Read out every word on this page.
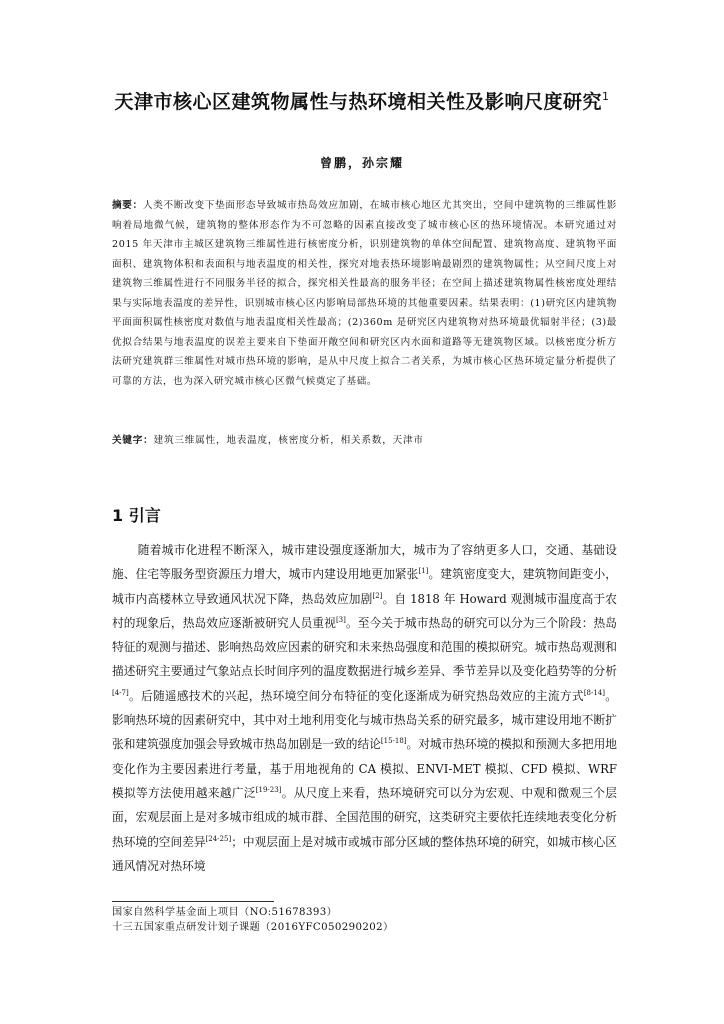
天津市核心区建筑物属性与热环境相关性及影响尺度研究$^1$
曾鹏，孙宗耀
摘要：人类不断改变下垫面形态导致城市热岛效应加剧，在城市核心地区尤其突出，空间中建筑物的三维属性影响着局地微气候，建筑物的整体形态作为不可忽略的因素直接改变了城市核心区的热环境情况。本研究通过对 2015 年天津市主城区建筑物三维属性进行核密度分析，识别建筑物的单体空间配置、建筑物高度、建筑物平面面积、建筑物体积和表面积与地表温度的相关性，探究对地表热环境影响最剧烈的建筑物属性；从空间尺度上对建筑物三维属性进行不同服务半径的拟合，探究相关性最高的服务半径；在空间上描述建筑物属性核密度处理结果与实际地表温度的差异性，识别城市核心区内影响局部热环境的其他重要因素。结果表明：(1)研究区内建筑物平面面积属性核密度对数值与地表温度相关性最高；(2)360m 是研究区内建筑物对热环境最优辐射半径；(3)最优拟合结果与地表温度的误差主要来自下垫面开敞空间和研究区内水面和道路等无建筑物区域。以核密度分析方法研究建筑群三维属性对城市热环境的影响，是从中尺度上拟合二者关系，为城市核心区热环境定量分析提供了可靠的方法，也为深入研究城市核心区微气候奠定了基础。
关键字：建筑三维属性，地表温度，核密度分析，相关系数，天津市
1 引言
随着城市化进程不断深入，城市建设强度逐渐加大，城市为了容纳更多人口，交通、基础设施、住宅等服务型资源压力增大，城市内建设用地更加紧张[1]。建筑密度变大，建筑物间距变小，城市内高楼林立导致通风状况下降，热岛效应加剧[2]。自 1818 年 Howard 观测城市温度高于农村的现象后，热岛效应逐渐被研究人员重视[3]。至今关于城市热岛的研究可以分为三个阶段：热岛特征的观测与描述、影响热岛效应因素的研究和未来热岛强度和范围的模拟研究。城市热岛观测和描述研究主要通过气象站点长时间序列的温度数据进行城乡差异、季节差异以及变化趋势等的分析[4-7]。后随遥感技术的兴起，热环境空间分布特征的变化逐渐成为研究热岛效应的主流方式[8-14]。影响热环境的因素研究中，其中对土地利用变化与城市热岛关系的研究最多，城市建设用地不断扩张和建筑强度加强会导致城市热岛加剧是一致的结论[15-18]。对城市热环境的模拟和预测大多把用地变化作为主要因素进行考量，基于用地视角的 CA 模拟、ENVI-MET 模拟、CFD 模拟、WRF 模拟等方法使用越来越广泛[19-23]。从尺度上来看，热环境研究可以分为宏观、中观和微观三个层面，宏观层面上是对多城市组成的城市群、全国范围的研究，这类研究主要依托连续地表变化分析热环境的空间差异[24-25]；中观层面上是对城市或城市部分区域的整体热环境的研究，如城市核心区通风情况对热环境
国家自然科学基金面上项目（NO:51678393）
十三五国家重点研发计划子课题（2016YFC050290202）
